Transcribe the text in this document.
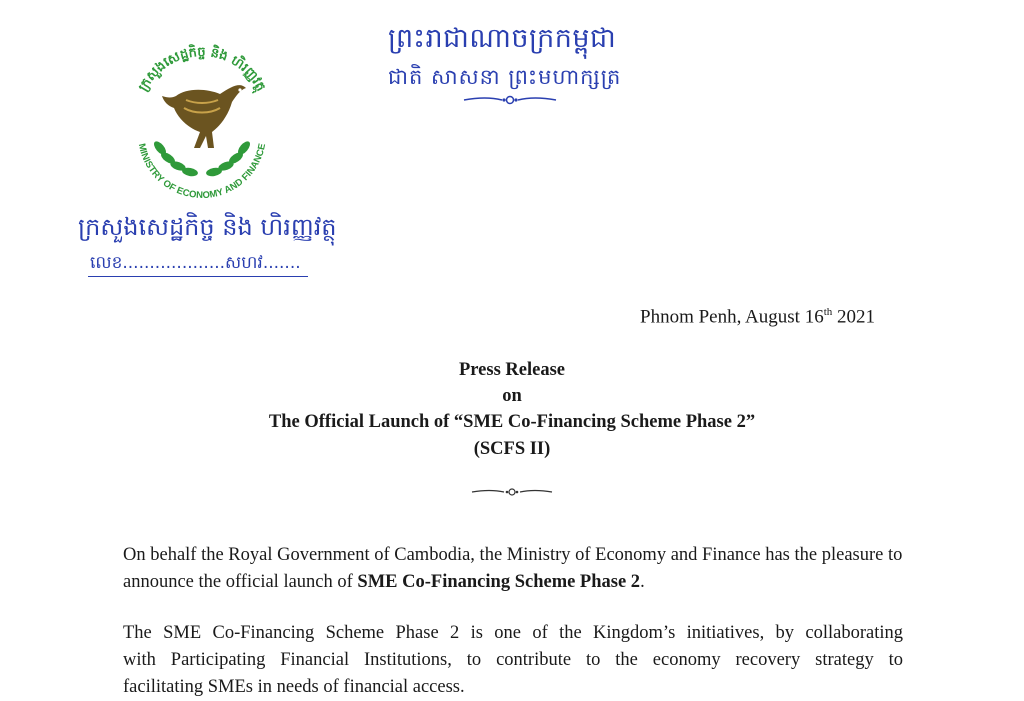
ព្រះរាជាណាចក្រកម្ពុជា
ជាតិ សាសនា ព្រះមហាក្សត្រ
ក្រសួងសេដ្ឋកិច្ច និង ហិរញ្ញវត្ថុ
MINISTRY OF ECONOMY AND FINANCE
ក្រសួងសេដ្ឋកិច្ច និង ហិរញ្ញវត្ថុ
លេខ...................សហវ.......
Phnom Penh, August 16th 2021
Press Release
on
The Official Launch of “SME Co-Financing Scheme Phase 2”
(SCFS II)
On behalf the Royal Government of Cambodia, the Ministry of Economy and Finance has the pleasure to announce the official launch of SME Co-Financing Scheme Phase 2.
The SME Co-Financing Scheme Phase 2 is one of the Kingdom’s initiatives, by collaborating
with Participating Financial Institutions, to contribute to the economy recovery strategy to
facilitating SMEs in needs of financial access.
